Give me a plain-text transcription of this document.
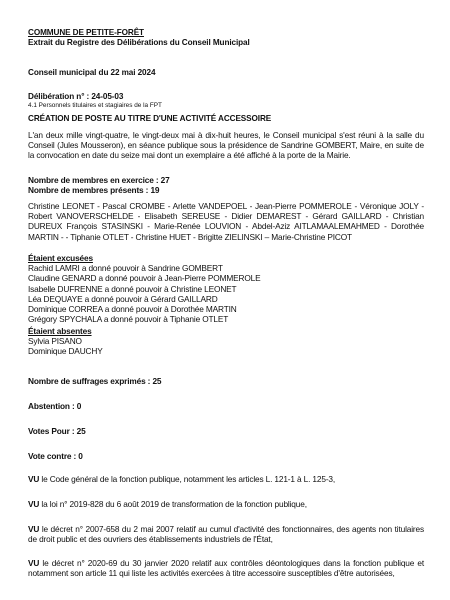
COMMUNE DE PETITE-FORÊT
Extrait du Registre des Délibérations du Conseil Municipal
Conseil municipal du 22 mai 2024
Délibération n° : 24-05-03
4.1 Personnels titulaires et stagiaires de la FPT
CRÉATION DE POSTE AU TITRE D'UNE ACTIVITÉ ACCESSOIRE
L'an deux mille vingt-quatre, le vingt-deux mai à dix-huit heures, le Conseil municipal s'est réuni à la salle du Conseil (Jules Mousseron), en séance publique sous la présidence de Sandrine GOMBERT, Maire, en suite de la convocation en date du seize mai dont un exemplaire a été affiché à la porte de la Mairie.
Nombre de membres en exercice : 27
Nombre de membres présents : 19
Christine LEONET - Pascal CROMBE - Arlette VANDEPOEL - Jean-Pierre POMMEROLE - Véronique JOLY - Robert VANOVERSCHELDE - Elisabeth SEREUSE - Didier DEMAREST - Gérard GAILLARD - Christian DUREUX François STASINSKI - Marie-Renée LOUVION - Abdel-Aziz AITLAMAALEMAHMED - Dorothée MARTIN - - Tiphanie OTLET - Christine HUET - Brigitte ZIELINSKI – Marie-Christine PICOT
Étaient excusées
Rachid LAMRI a donné pouvoir à Sandrine GOMBERT
Claudine GENARD a donné pouvoir à Jean-Pierre POMMEROLE
Isabelle DUFRENNE a donné pouvoir à Christine LEONET
Léa DEQUAYE a donné pouvoir à Gérard GAILLARD
Dominique CORREA a donné pouvoir à Dorothée MARTIN
Grégory SPYCHALA a donné pouvoir à Tiphanie OTLET
Étaient absentes
Sylvia PISANO
Dominique DAUCHY
Nombre de suffrages exprimés : 25
Abstention : 0
Votes Pour : 25
Vote contre : 0
VU le Code général de la fonction publique, notamment les articles L. 121-1 à L. 125-3,
VU la loi n° 2019-828 du 6 août 2019 de transformation de la fonction publique,
VU le décret n° 2007-658 du 2 mai 2007 relatif au cumul d'activité des fonctionnaires, des agents non titulaires de droit public et des ouvriers des établissements industriels de l'État,
VU le décret n° 2020-69 du 30 janvier 2020 relatif aux contrôles déontologiques dans la fonction publique et notamment son article 11 qui liste les activités exercées à titre accessoire susceptibles d'être autorisées,
